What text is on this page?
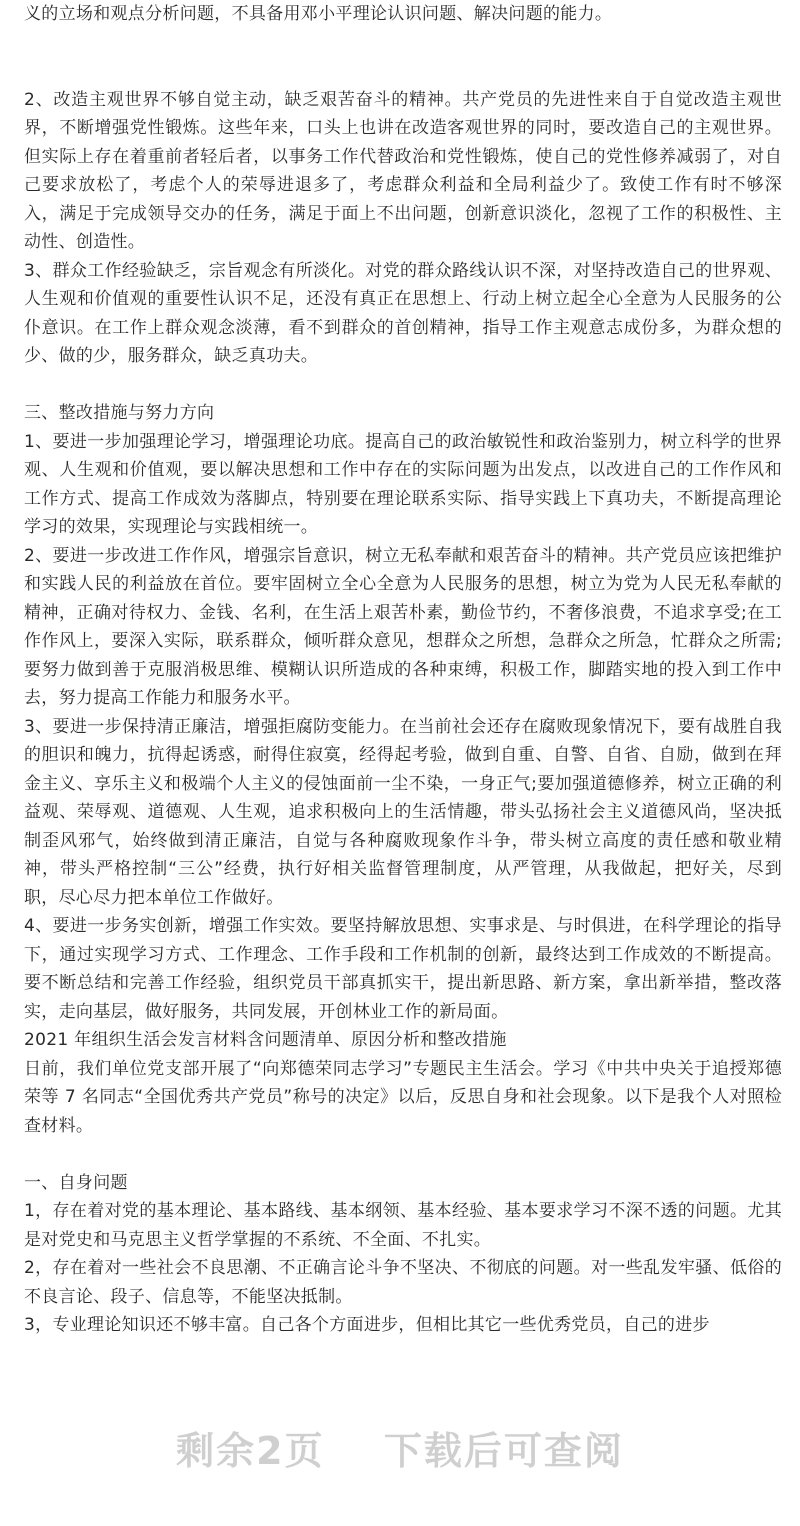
义的立场和观点分析问题，不具备用邓小平理论认识问题、解决问题的能力。

2、改造主观世界不够自觉主动，缺乏艰苦奋斗的精神。共产党员的先进性来自于自觉改造主观世界，不断增强党性锻炼。这些年来，口头上也讲在改造客观世界的同时，要改造自己的主观世界。但实际上存在着重前者轻后者，以事务工作代替政治和党性锻炼，使自己的党性修养减弱了，对自己要求放松了，考虑个人的荣辱进退多了，考虑群众利益和全局利益少了。致使工作有时不够深入，满足于完成领导交办的任务，满足于面上不出问题，创新意识淡化，忽视了工作的积极性、主动性、创造性。

3、群众工作经验缺乏，宗旨观念有所淡化。对党的群众路线认识不深，对坚持改造自己的世界观、人生观和价值观的重要性认识不足，还没有真正在思想上、行动上树立起全心全意为人民服务的公仆意识。在工作上群众观念淡薄，看不到群众的首创精神，指导工作主观意志成份多，为群众想的少、做的少，服务群众，缺乏真功夫。

三、整改措施与努力方向

1、要进一步加强理论学习，增强理论功底。提高自己的政治敏锐性和政治鉴别力，树立科学的世界观、人生观和价值观，要以解决思想和工作中存在的实际问题为出发点，以改进自己的工作作风和工作方式、提高工作成效为落脚点，特别要在理论联系实际、指导实践上下真功夫，不断提高理论学习的效果，实现理论与实践相统一。

2、要进一步改进工作作风，增强宗旨意识，树立无私奉献和艰苦奋斗的精神。共产党员应该把维护和实践人民的利益放在首位。要牢固树立全心全意为人民服务的思想，树立为党为人民无私奉献的精神，正确对待权力、金钱、名利，在生活上艰苦朴素，勤俭节约，不奢侈浪费，不追求享受;在工作作风上，要深入实际，联系群众，倾听群众意见，想群众之所想，急群众之所急，忙群众之所需;要努力做到善于克服消极思维、模糊认识所造成的各种束缚，积极工作，脚踏实地的投入到工作中去，努力提高工作能力和服务水平。

3、要进一步保持清正廉洁，增强拒腐防变能力。在当前社会还存在腐败现象情况下，要有战胜自我的胆识和魄力，抗得起诱惑，耐得住寂寞，经得起考验，做到自重、自警、自省、自励，做到在拜金主义、享乐主义和极端个人主义的侵蚀面前一尘不染，一身正气;要加强道德修养，树立正确的利益观、荣辱观、道德观、人生观，追求积极向上的生活情趣，带头弘扬社会主义道德风尚，坚决抵制歪风邪气，始终做到清正廉洁，自觉与各种腐败现象作斗争，带头树立高度的责任感和敬业精神，带头严格控制“三公”经费，执行好相关监督管理制度，从严管理，从我做起，把好关，尽到职，尽心尽力把本单位工作做好。

4、要进一步务实创新，增强工作实效。要坚持解放思想、实事求是、与时俱进，在科学理论的指导下，通过实现学习方式、工作理念、工作手段和工作机制的创新，最终达到工作成效的不断提高。要不断总结和完善工作经验，组织党员干部真抓实干，提出新思路、新方案，拿出新举措，整改落实，走向基层，做好服务，共同发展，开创林业工作的新局面。

2021 年组织生活会发言材料含问题清单、原因分析和整改措施

日前，我们单位党支部开展了“向郑德荣同志学习”专题民主生活会。学习《中共中央关于追授郑德荣等 7 名同志“全国优秀共产党员”称号的决定》以后，反思自身和社会现象。以下是我个人对照检查材料。

一、自身问题

1，存在着对党的基本理论、基本路线、基本纲领、基本经验、基本要求学习不深不透的问题。尤其是对党史和马克思主义哲学掌握的不系统、不全面、不扎实。

2，存在着对一些社会不良思潮、不正确言论斗争不坚决、不彻底的问题。对一些乱发牢骚、低俗的不良言论、段子、信息等，不能坚决抵制。

3，专业理论知识还不够丰富。自己各个方面进步，但相比其它一些优秀党员，自己的进步

剩余2页 下载后可查阅
